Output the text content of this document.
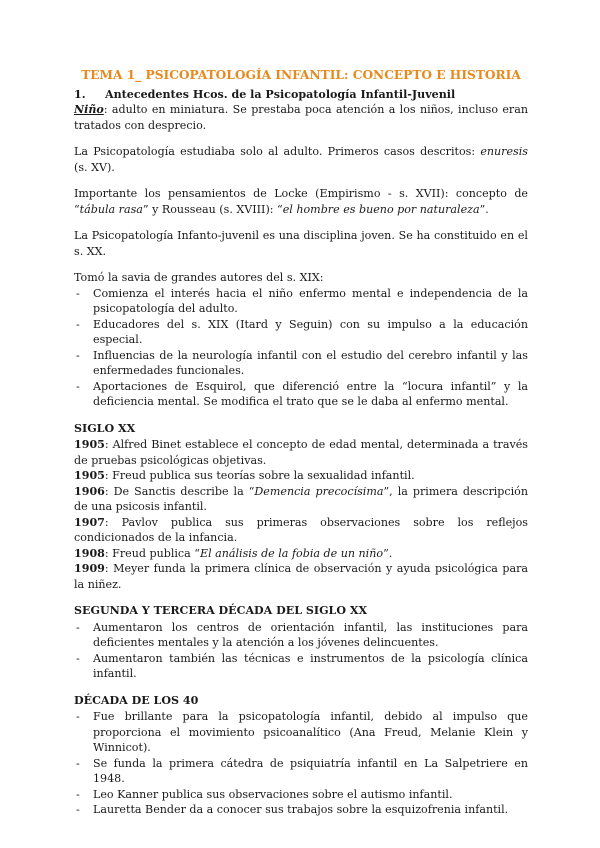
TEMA 1_ PSICOPATOLOGÍA INFANTIL: CONCEPTO E HISTORIA
1.	Antecedentes Hcos. de la Psicopatología Infantil-Juvenil

Niño: adulto en miniatura. Se prestaba poca atención a los niños, incluso eran tratados con desprecio.

La Psicopatología estudiaba solo al adulto. Primeros casos descritos: enuresis (s. XV).

Importante los pensamientos de Locke (Empirismo - s. XVII): concepto de “tábula rasa” y Rousseau (s. XVIII): “el hombre es bueno por naturaleza”.

La Psicopatología Infanto-juvenil es una disciplina joven. Se ha constituido en el s. XX.

Tomó la savia de grandes autores del s. XIX:
-	Comienza el interés hacia el niño enfermo mental e independencia de la psicopatología del adulto.
-	Educadores del s. XIX (Itard y Seguin) con su impulso a la educación especial.
-	Influencias de la neurología infantil con el estudio del cerebro infantil y las enfermedades funcionales.
-	Aportaciones de Esquirol, que diferenció entre la “locura infantil” y la deficiencia mental. Se modifica el trato que se le daba al enfermo mental.
SIGLO XX

1905: Alfred Binet establece el concepto de edad mental, determinada a través de pruebas psicológicas objetivas.

1905: Freud publica sus teorías sobre la sexualidad infantil.

1906: De Sanctis describe la “Demencia precocísima”, la primera descripción de una psicosis infantil.

1907: Pavlov publica sus primeras observaciones sobre los reflejos condicionados de la infancia.

1908: Freud publica “El análisis de la fobia de un niño”.

1909: Meyer funda la primera clínica de observación y ayuda psicológica para la niñez.

SEGUNDA Y TERCERA DÉCADA DEL SIGLO XX
-	Aumentaron los centros de orientación infantil, las instituciones para deficientes mentales y la atención a los jóvenes delincuentes.
-	Aumentaron también las técnicas e instrumentos de la psicología clínica infantil.
DÉCADA DE LOS 40
-	Fue brillante para la psicopatología infantil, debido al impulso que proporciona el movimiento psicoanalítico (Ana Freud, Melanie Klein y Winnicot).
-	Se funda la primera cátedra de psiquiatría infantil en La Salpetriere en 1948.
-	Leo Kanner publica sus observaciones sobre el autismo infantil.
-	Lauretta Bender da a conocer sus trabajos sobre la esquizofrenia infantil.
